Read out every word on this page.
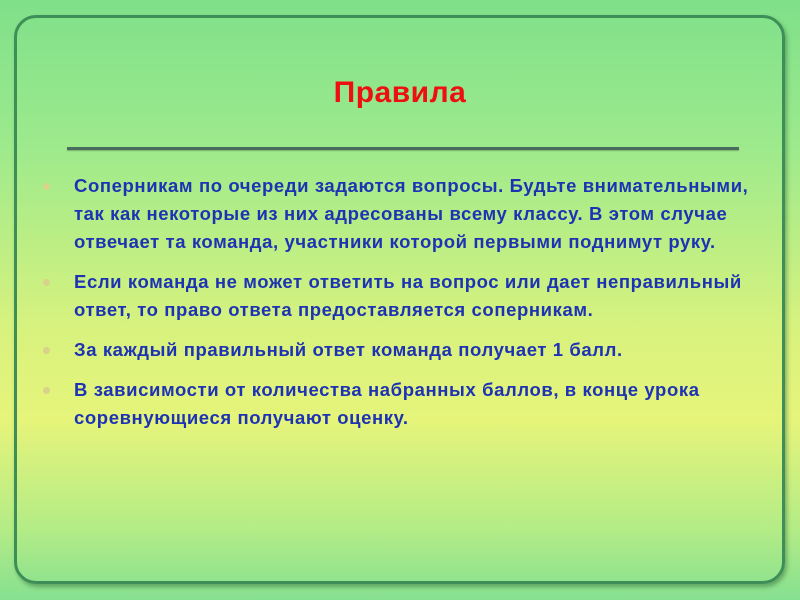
Правила
Соперникам по очереди задаются вопросы. Будьте внимательными, так как некоторые из них адресованы всему классу. В этом случае отвечает та команда, участники которой первыми поднимут руку.
Если команда не может ответить на вопрос или дает неправильный ответ, то право ответа предоставляется соперникам.
За каждый правильный ответ команда получает 1 балл.
В зависимости от количества набранных баллов, в конце урока соревнующиеся получают оценку.
